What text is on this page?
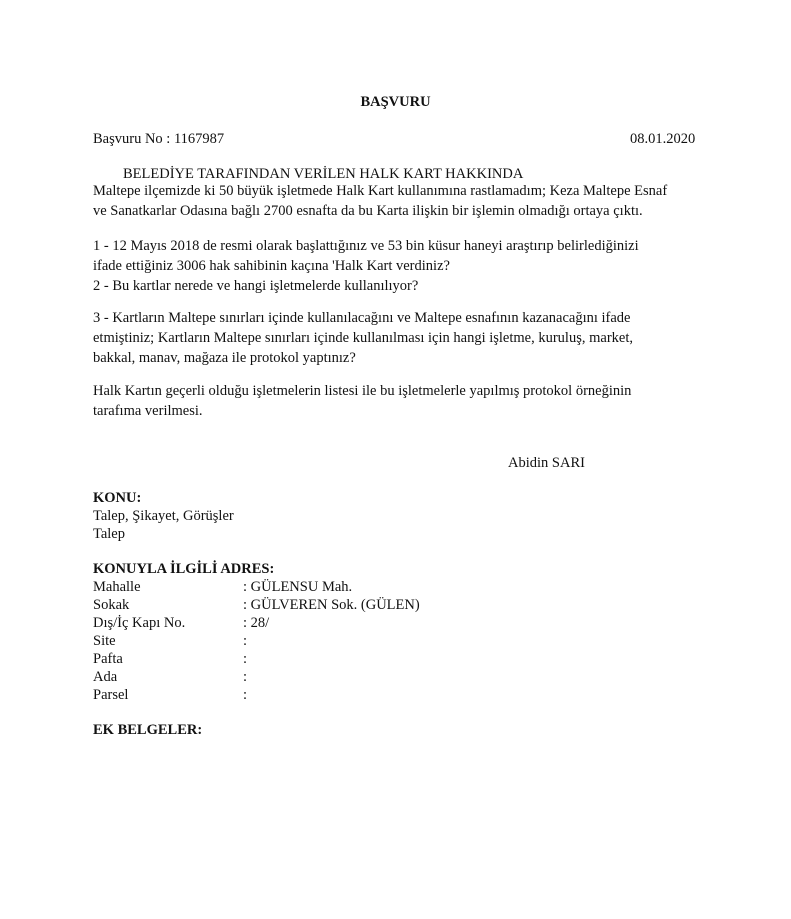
BAŞVURU
Başvuru No : 1167987	08.01.2020
BELEDİYE TARAFINDAN VERİLEN HALK KART HAKKINDA
Maltepe ilçemizde ki 50 büyük işletmede Halk Kart kullanımına rastlamadım; Keza Maltepe Esnaf
ve Sanatkarlar Odasına bağlı 2700 esnafta da bu Karta ilişkin bir işlemin olmadığı ortaya çıktı.
1 - 12 Mayıs 2018 de resmi olarak başlattığınız ve 53 bin küsur haneyi araştırıp belirlediğinizi
ifade ettiğiniz 3006 hak sahibinin kaçına 'Halk Kart verdiniz?
2 - Bu kartlar nerede ve hangi işletmelerde kullanılıyor?
3 - Kartların Maltepe sınırları içinde kullanılacağını ve Maltepe esnafının kazanacağını ifade
etmiştiniz; Kartların Maltepe sınırları içinde kullanılması için hangi işletme, kuruluş, market,
bakkal, manav, mağaza ile protokol yaptınız?
Halk Kartın geçerli olduğu işletmelerin listesi ile bu işletmelerle yapılmış protokol örneğinin
tarafıma verilmesi.
Abidin SARI
KONU:
Talep, Şikayet, Görüşler
Talep
KONUYLA İLGİLİ ADRES:
Mahalle	: GÜLENSU Mah.
Sokak	: GÜLVEREN Sok. (GÜLEN)
Dış/İç Kapı No.	: 28/
Site	:
Pafta	:
Ada	:
Parsel	:
EK BELGELER:
